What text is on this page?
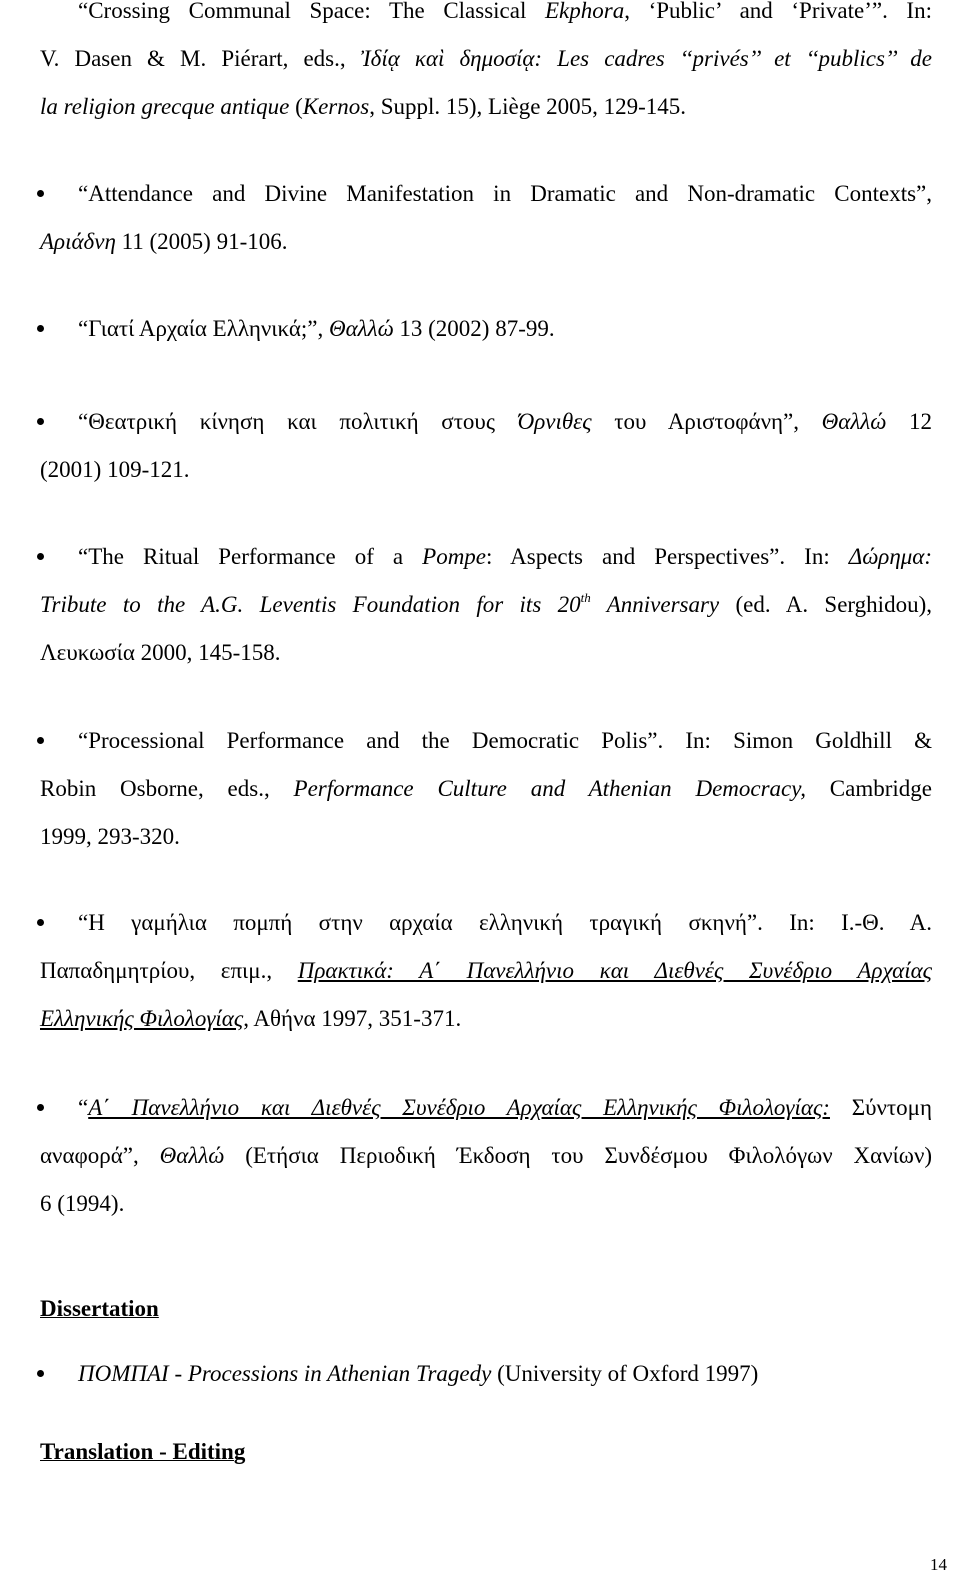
“Crossing Communal Space: The Classical Ekphora, ‘Public’ and ‘Private’”. In:
V. Dasen & M. Piérart, eds., Ἰδίᾳ καὶ δημοσίᾳ: Les cadres ‘‘privés’’ et ‘‘publics’’ de
la religion grecque antique (Kernos, Suppl. 15), Liège 2005, 129-145.
“Attendance and Divine Manifestation in Dramatic and Non-dramatic Contexts”,
Αριάδνη 11 (2005) 91-106.
“Γιατί Αρχαία Ελληνικά;”, Θαλλώ 13 (2002) 87-99.
“Θεατρική κίνηση και πολιτική στους Όρνιθες του Αριστοφάνη”, Θαλλώ 12
(2001) 109-121.
“The Ritual Performance of a Pompe: Aspects and Perspectives”. In: Δώρημα:
Tribute to the A.G. Leventis Foundation for its 20th Anniversary (ed. A. Serghidou),
Λευκωσία 2000, 145-158.
“Processional Performance and the Democratic Polis”. In: Simon Goldhill &
Robin Osborne, eds., Performance Culture and Athenian Democracy, Cambridge
1999, 293-320.
“Η γαμήλια πομπή στην αρχαία ελληνική τραγική σκηνή”. In: Ι.-Θ. Α.
Παπαδημητρίου, επιμ., Πρακτικά: Α΄ Πανελλήνιο και Διεθνές Συνέδριο Αρχαίας
Ελληνικής Φιλολογίας, Αθήνα 1997, 351-371.
“Α΄ Πανελλήνιο και Διεθνές Συνέδριο Αρχαίας Ελληνικής Φιλολογίας: Σύντομη
αναφορά”, Θαλλώ (Ετήσια Περιοδική Έκδοση του Συνδέσμου Φιλολόγων Χανίων)
6 (1994).
Dissertation
ΠΟΜΠΑΙ - Processions in Athenian Tragedy (University of Oxford 1997)
Translation - Editing
14
